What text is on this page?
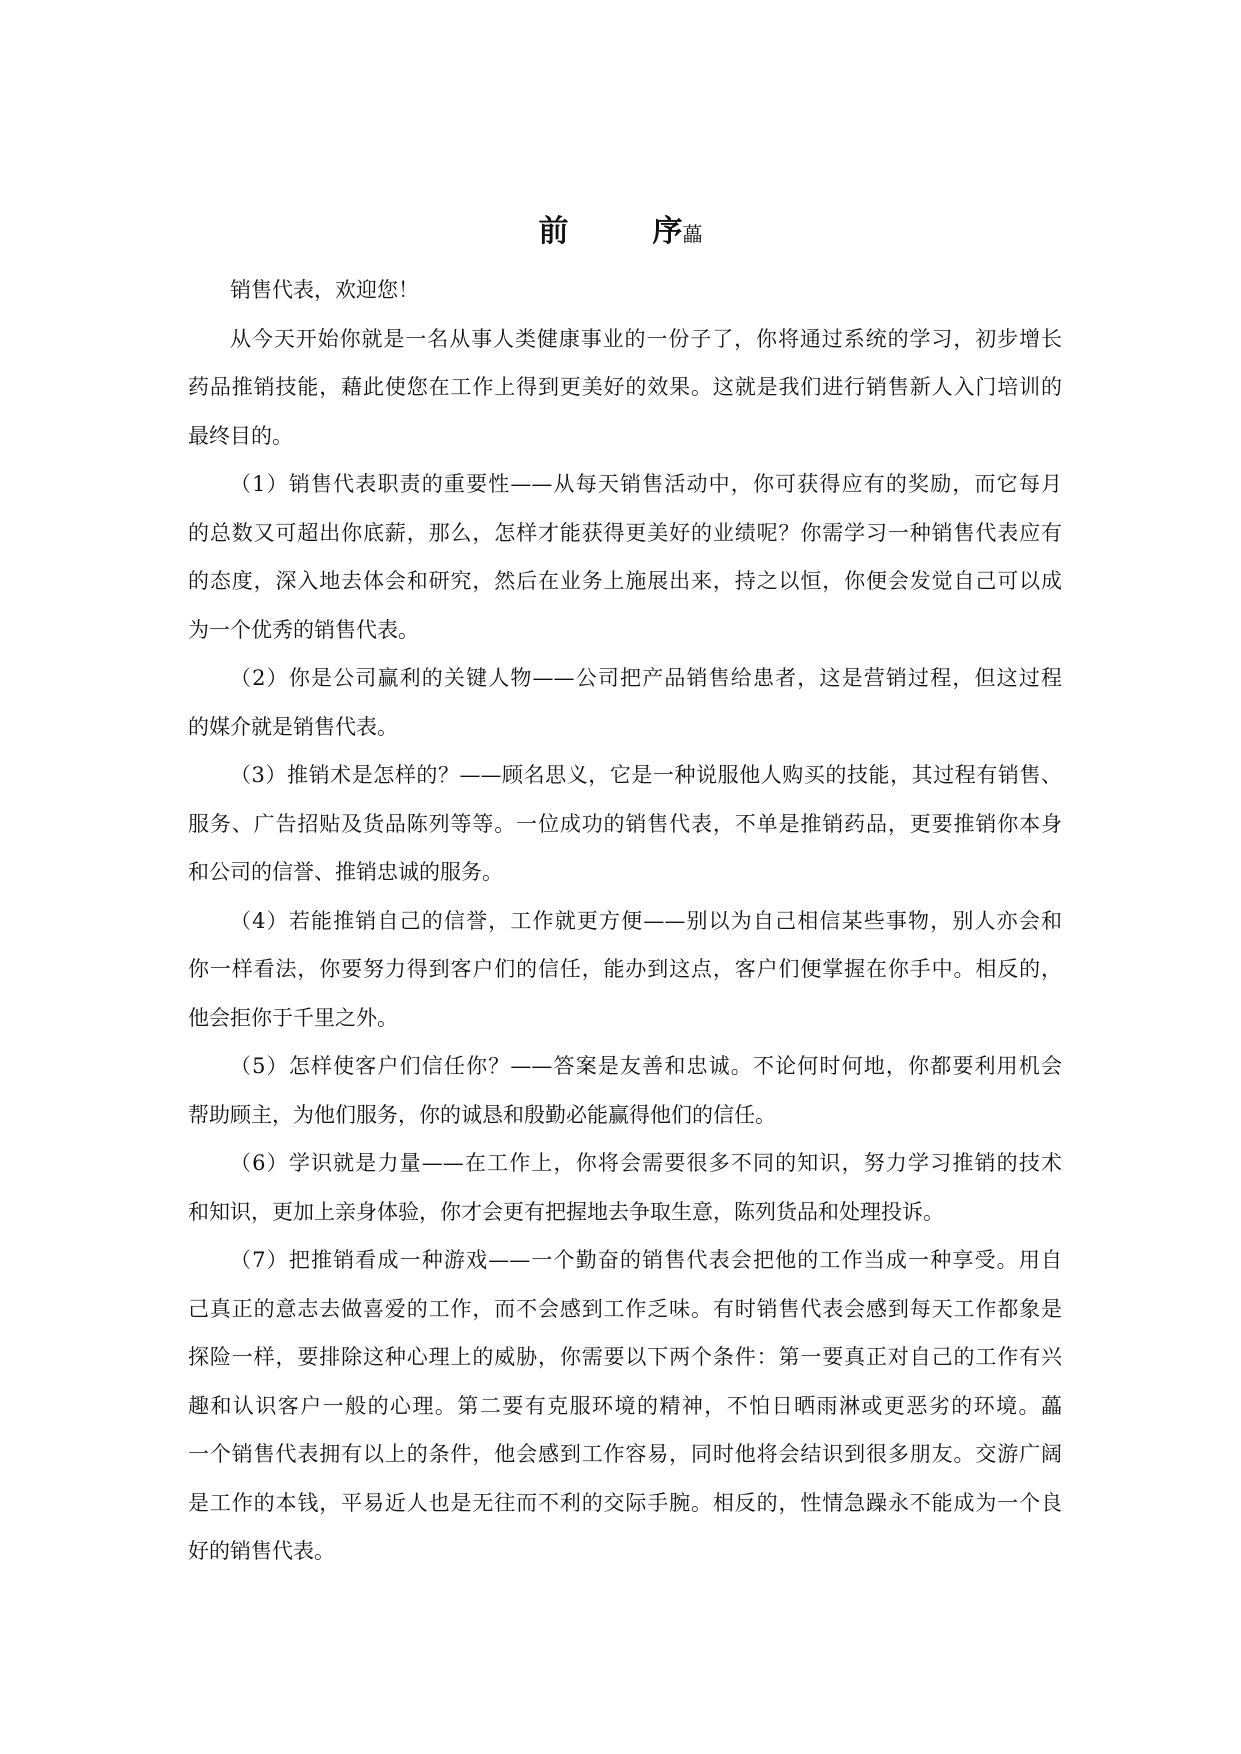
前	序藟

销售代表，欢迎您！

从今天开始你就是一名从事人类健康事业的一份子了，你将通过系统的学习，初步增长
药品推销技能，藉此使您在工作上得到更美好的效果。这就是我们进行销售新人入门培训的
最终目的。

（1）销售代表职责的重要性——从每天销售活动中，你可获得应有的奖励，而它每月
的总数又可超出你底薪，那么，怎样才能获得更美好的业绩呢？你需学习一种销售代表应有
的态度，深入地去体会和研究，然后在业务上施展出来，持之以恒，你便会发觉自己可以成
为一个优秀的销售代表。

（2）你是公司赢利的关键人物——公司把产品销售给患者，这是营销过程，但这过程
的媒介就是销售代表。

（3）推销术是怎样的？——顾名思义，它是一种说服他人购买的技能，其过程有销售、
服务、广告招贴及货品陈列等等。一位成功的销售代表，不单是推销药品，更要推销你本身
和公司的信誉、推销忠诚的服务。

（4）若能推销自己的信誉，工作就更方便——别以为自己相信某些事物，别人亦会和
你一样看法，你要努力得到客户们的信任，能办到这点，客户们便掌握在你手中。相反的，
他会拒你于千里之外。

（5）怎样使客户们信任你？——答案是友善和忠诚。不论何时何地，你都要利用机会
帮助顾主，为他们服务，你的诚恳和殷勤必能赢得他们的信任。

（6）学识就是力量——在工作上，你将会需要很多不同的知识，努力学习推销的技术
和知识，更加上亲身体验，你才会更有把握地去争取生意，陈列货品和处理投诉。

（7）把推销看成一种游戏——一个勤奋的销售代表会把他的工作当成一种享受。用自
己真正的意志去做喜爱的工作，而不会感到工作乏味。有时销售代表会感到每天工作都象是
探险一样，要排除这种心理上的威胁，你需要以下两个条件：第一要真正对自己的工作有兴
趣和认识客户一般的心理。第二要有克服环境的精神，不怕日晒雨淋或更恶劣的环境。藟
一个销售代表拥有以上的条件，他会感到工作容易，同时他将会结识到很多朋友。交游广阔
是工作的本钱，平易近人也是无往而不利的交际手腕。相反的，性情急躁永不能成为一个良
好的销售代表。
